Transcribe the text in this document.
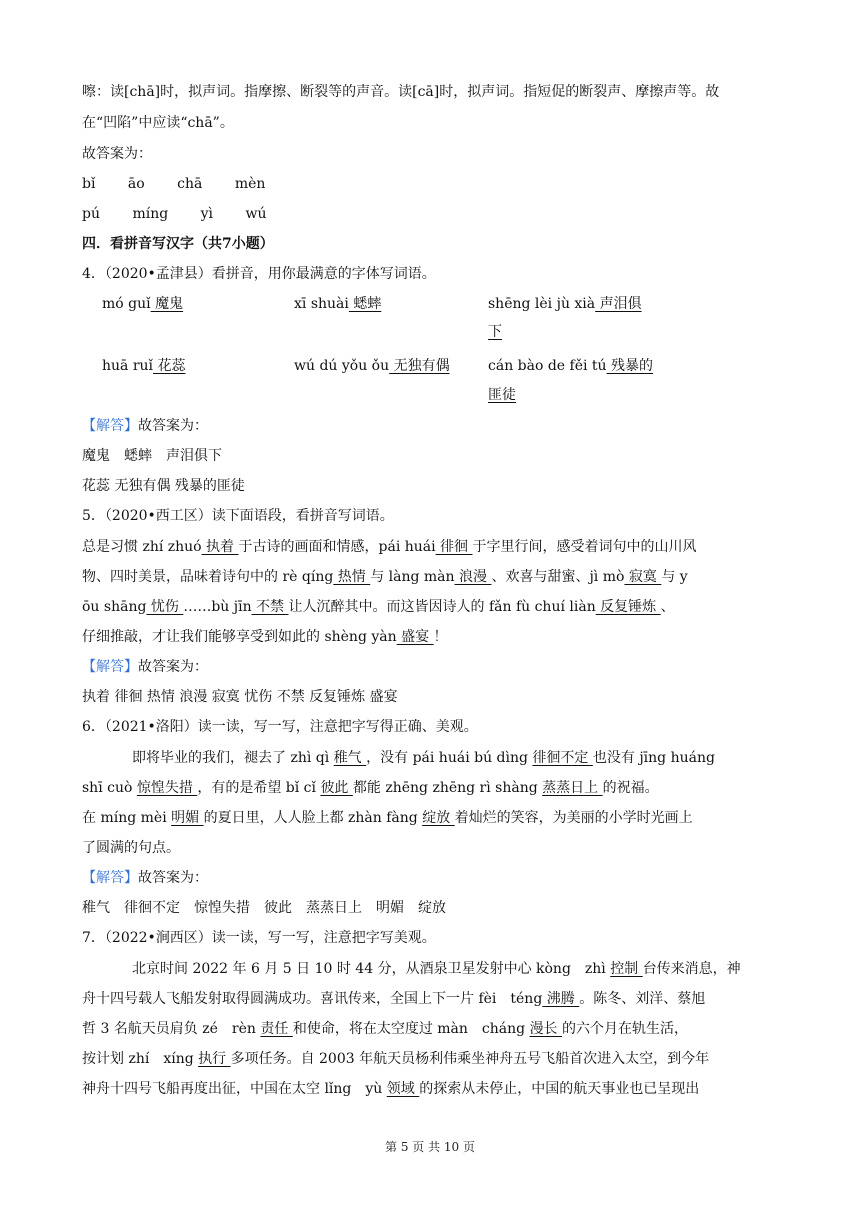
嚓：读[chā]时，拟声词。指摩擦、断裂等的声音。读[cā]时，拟声词。指短促的断裂声、摩擦声等。故
在“凹陷”中应读“chā”。
故答案为：
bǐ āo chā mèn
pú míng yì wú
四．看拼音写汉字（共7小题）
4．（2020•孟津县）看拼音，用你最满意的字体写词语。
mó guǐ 魔鬼	xī shuài 蟋蟀	shēng lèi jù xià 声泪俱
下
huā ruǐ 花蕊	wú dú yǒu ǒu 无独有偶	cán bào de fěi tú 残暴的
匪徒
【解答】故答案为：
魔鬼　蟋蟀　声泪俱下
花蕊 无独有偶 残暴的匪徒
5．（2020•西工区）读下面语段，看拼音写词语。
总是习惯 zhí zhuó 执着 于古诗的画面和情感，pái huái 徘徊 于字里行间，感受着词句中的山川风
物、四时美景，品味着诗句中的 rè qíng 热情 与 làng màn 浪漫 、欢喜与甜蜜、jì mò 寂寞 与 y
ōu shāng 忧伤 ……bù jīn 不禁 让人沉醉其中。而这皆因诗人的 fǎn fù chuí liàn 反复锤炼 、
仔细推敲，才让我们能够享受到如此的 shèng yàn 盛宴 ！
【解答】故答案为：
执着 徘徊 热情 浪漫 寂寞 忧伤 不禁 反复锤炼 盛宴
6．（2021•洛阳）读一读，写一写，注意把字写得正确、美观。
即将毕业的我们，褪去了 zhì qì 稚气 ，没有 pái huái bú dìng 徘徊不定 也没有 jīng huáng
shī cuò 惊惶失措 ，有的是希望 bǐ cǐ 彼此 都能 zhēng zhēng rì shàng 蒸蒸日上 的祝福。
在 míng mèi 明媚 的夏日里，人人脸上都 zhàn fàng 绽放 着灿烂的笑容，为美丽的小学时光画上
了圆满的句点。
【解答】故答案为：
稚气　徘徊不定　惊惶失措　彼此　蒸蒸日上　明媚　绽放
7．（2022•涧西区）读一读，写一写，注意把字写美观。
北京时间 2022 年 6 月 5 日 10 时 44 分，从酒泉卫星发射中心 kòng　zhì 控制 台传来消息，神
舟十四号载人飞船发射取得圆满成功。喜讯传来，全国上下一片 fèi　téng 沸腾 。陈冬、刘洋、蔡旭
哲 3 名航天员肩负 zé　rèn 责任 和使命，将在太空度过 màn　cháng 漫长 的六个月在轨生活，
按计划 zhí　xíng 执行 多项任务。自 2003 年航天员杨利伟乘坐神舟五号飞船首次进入太空，到今年
神舟十四号飞船再度出征，中国在太空 lǐng　yù 领域 的探索从未停止，中国的航天事业也已呈现出
第 5 页 共 10 页
